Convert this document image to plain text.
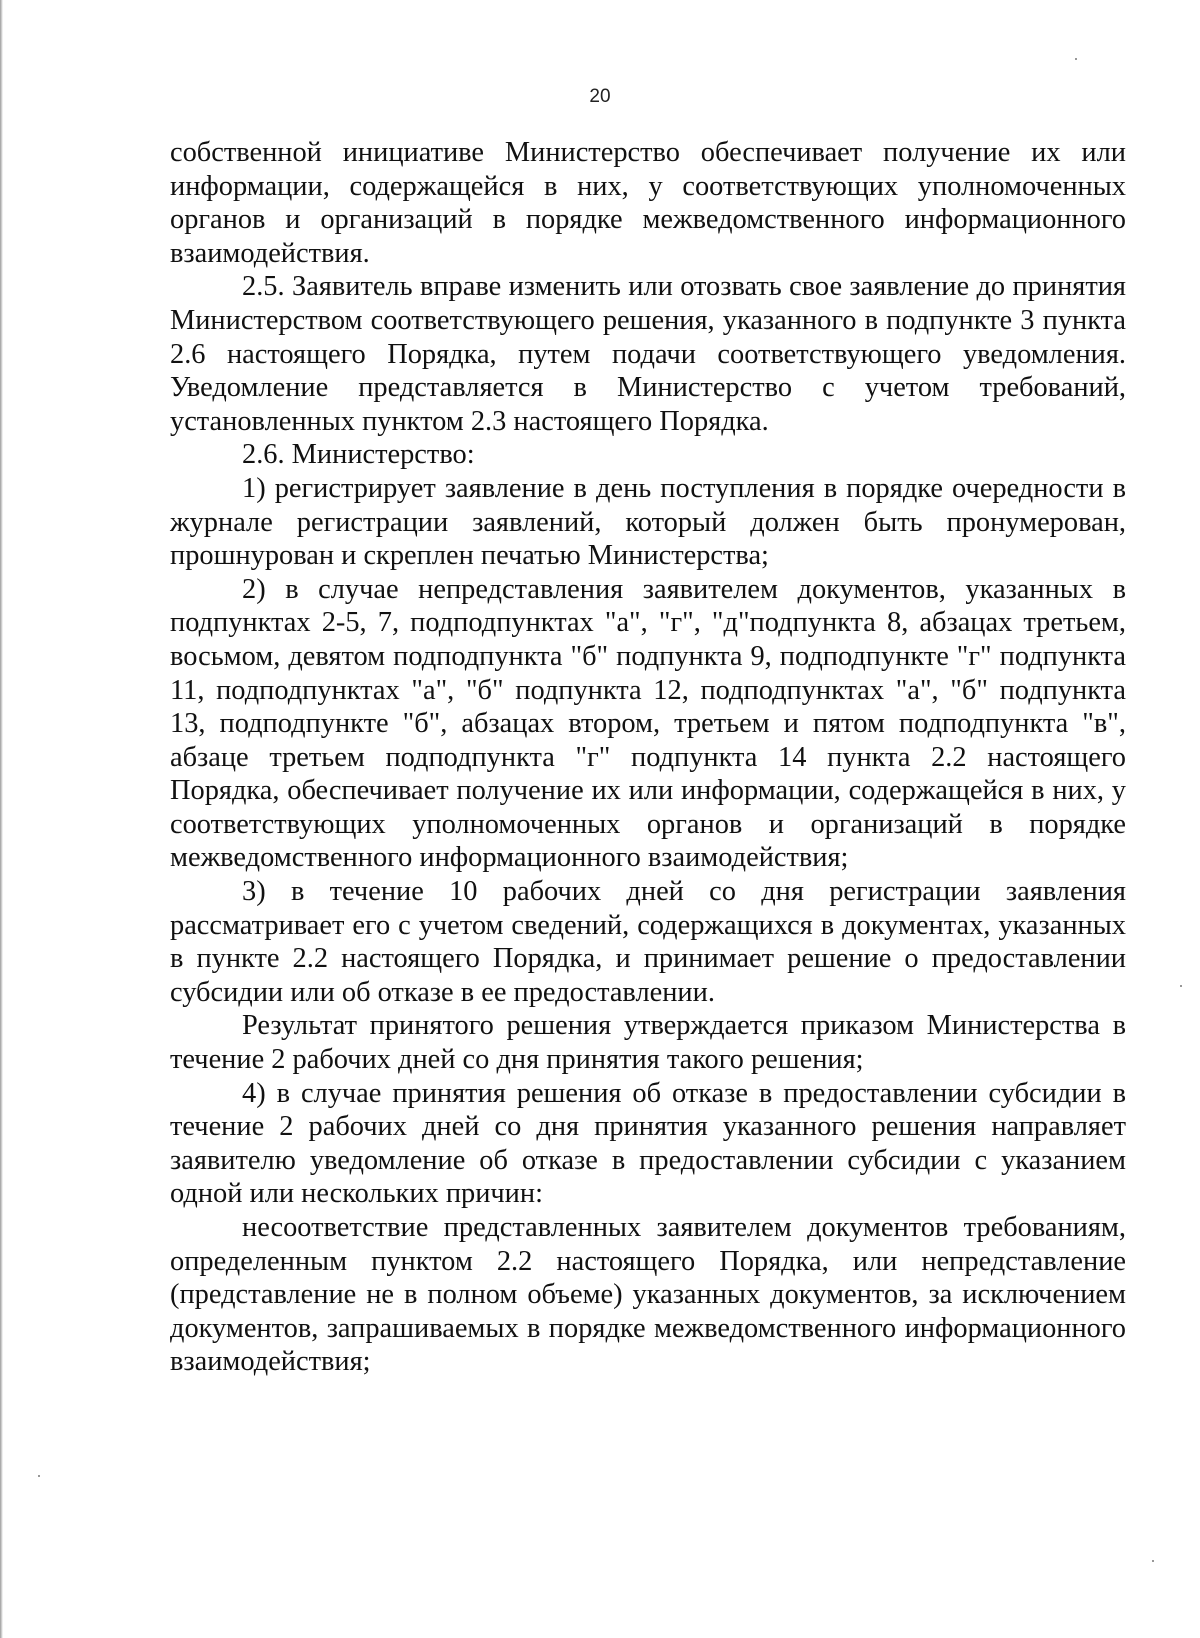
20

собственной инициативе Министерство обеспечивает получение их или информации, содержащейся в них, у соответствующих уполномоченных органов и организаций в порядке межведомственного информационного взаимодействия.

2.5. Заявитель вправе изменить или отозвать свое заявление до принятия Министерством соответствующего решения, указанного в подпункте 3 пункта 2.6 настоящего Порядка, путем подачи соответствующего уведомления. Уведомление представляется в Министерство с учетом требований, установленных пунктом 2.3 настоящего Порядка.

2.6. Министерство:

1) регистрирует заявление в день поступления в порядке очередности в журнале регистрации заявлений, который должен быть пронумерован, прошнурован и скреплен печатью Министерства;

2) в случае непредставления заявителем документов, указанных в подпунктах 2-5, 7, подподпунктах "а", "г", "д"подпункта 8, абзацах третьем, восьмом, девятом подподпункта "б" подпункта 9, подподпункте "г" подпункта 11, подподпунктах "а", "б" подпункта 12, подподпунктах "а", "б" подпункта 13, подподпункте "б", абзацах втором, третьем и пятом подподпункта "в", абзаце третьем подподпункта "г" подпункта 14 пункта 2.2 настоящего Порядка, обеспечивает получение их или информации, содержащейся в них, у соответствующих уполномоченных органов и организаций в порядке межведомственного информационного взаимодействия;

3) в течение 10 рабочих дней со дня регистрации заявления рассматривает его с учетом сведений, содержащихся в документах, указанных в пункте 2.2 настоящего Порядка, и принимает решение о предоставлении субсидии или об отказе в ее предоставлении.

Результат принятого решения утверждается приказом Министерства в течение 2 рабочих дней со дня принятия такого решения;

4) в случае принятия решения об отказе в предоставлении субсидии в течение 2 рабочих дней со дня принятия указанного решения направляет заявителю уведомление об отказе в предоставлении субсидии с указанием одной или нескольких причин:

несоответствие представленных заявителем документов требованиям, определенным пунктом 2.2 настоящего Порядка, или непредставление (представление не в полном объеме) указанных документов, за исключением документов, запрашиваемых в порядке межведомственного информационного взаимодействия;
